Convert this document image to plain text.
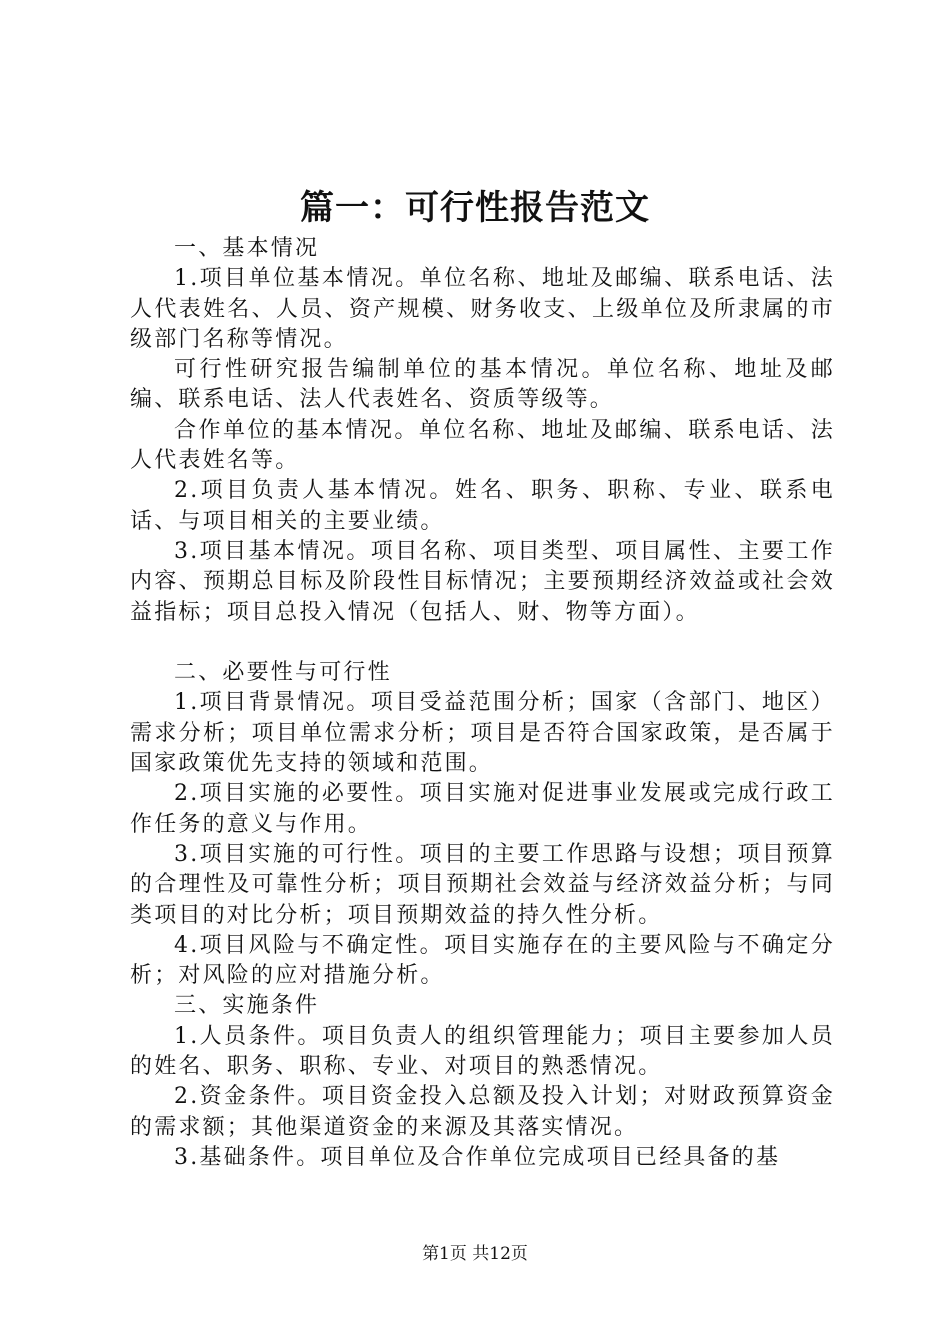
篇一：可行性报告范文

一、基本情况

1.项目单位基本情况。单位名称、地址及邮编、联系电话、法人代表姓名、人员、资产规模、财务收支、上级单位及所隶属的市级部门名称等情况。

可行性研究报告编制单位的基本情况。单位名称、地址及邮编、联系电话、法人代表姓名、资质等级等。

合作单位的基本情况。单位名称、地址及邮编、联系电话、法人代表姓名等。

2.项目负责人基本情况。姓名、职务、职称、专业、联系电话、与项目相关的主要业绩。

3.项目基本情况。项目名称、项目类型、项目属性、主要工作内容、预期总目标及阶段性目标情况；主要预期经济效益或社会效益指标；项目总投入情况（包括人、财、物等方面）。

二、必要性与可行性

1.项目背景情况。项目受益范围分析；国家（含部门、地区）需求分析；项目单位需求分析；项目是否符合国家政策，是否属于国家政策优先支持的领域和范围。

2.项目实施的必要性。项目实施对促进事业发展或完成行政工作任务的意义与作用。

3.项目实施的可行性。项目的主要工作思路与设想；项目预算的合理性及可靠性分析；项目预期社会效益与经济效益分析；与同类项目的对比分析；项目预期效益的持久性分析。

4.项目风险与不确定性。项目实施存在的主要风险与不确定分析；对风险的应对措施分析。

三、实施条件

1.人员条件。项目负责人的组织管理能力；项目主要参加人员的姓名、职务、职称、专业、对项目的熟悉情况。

2.资金条件。项目资金投入总额及投入计划；对财政预算资金的需求额；其他渠道资金的来源及其落实情况。

3.基础条件。项目单位及合作单位完成项目已经具备的基

第1页 共12页
